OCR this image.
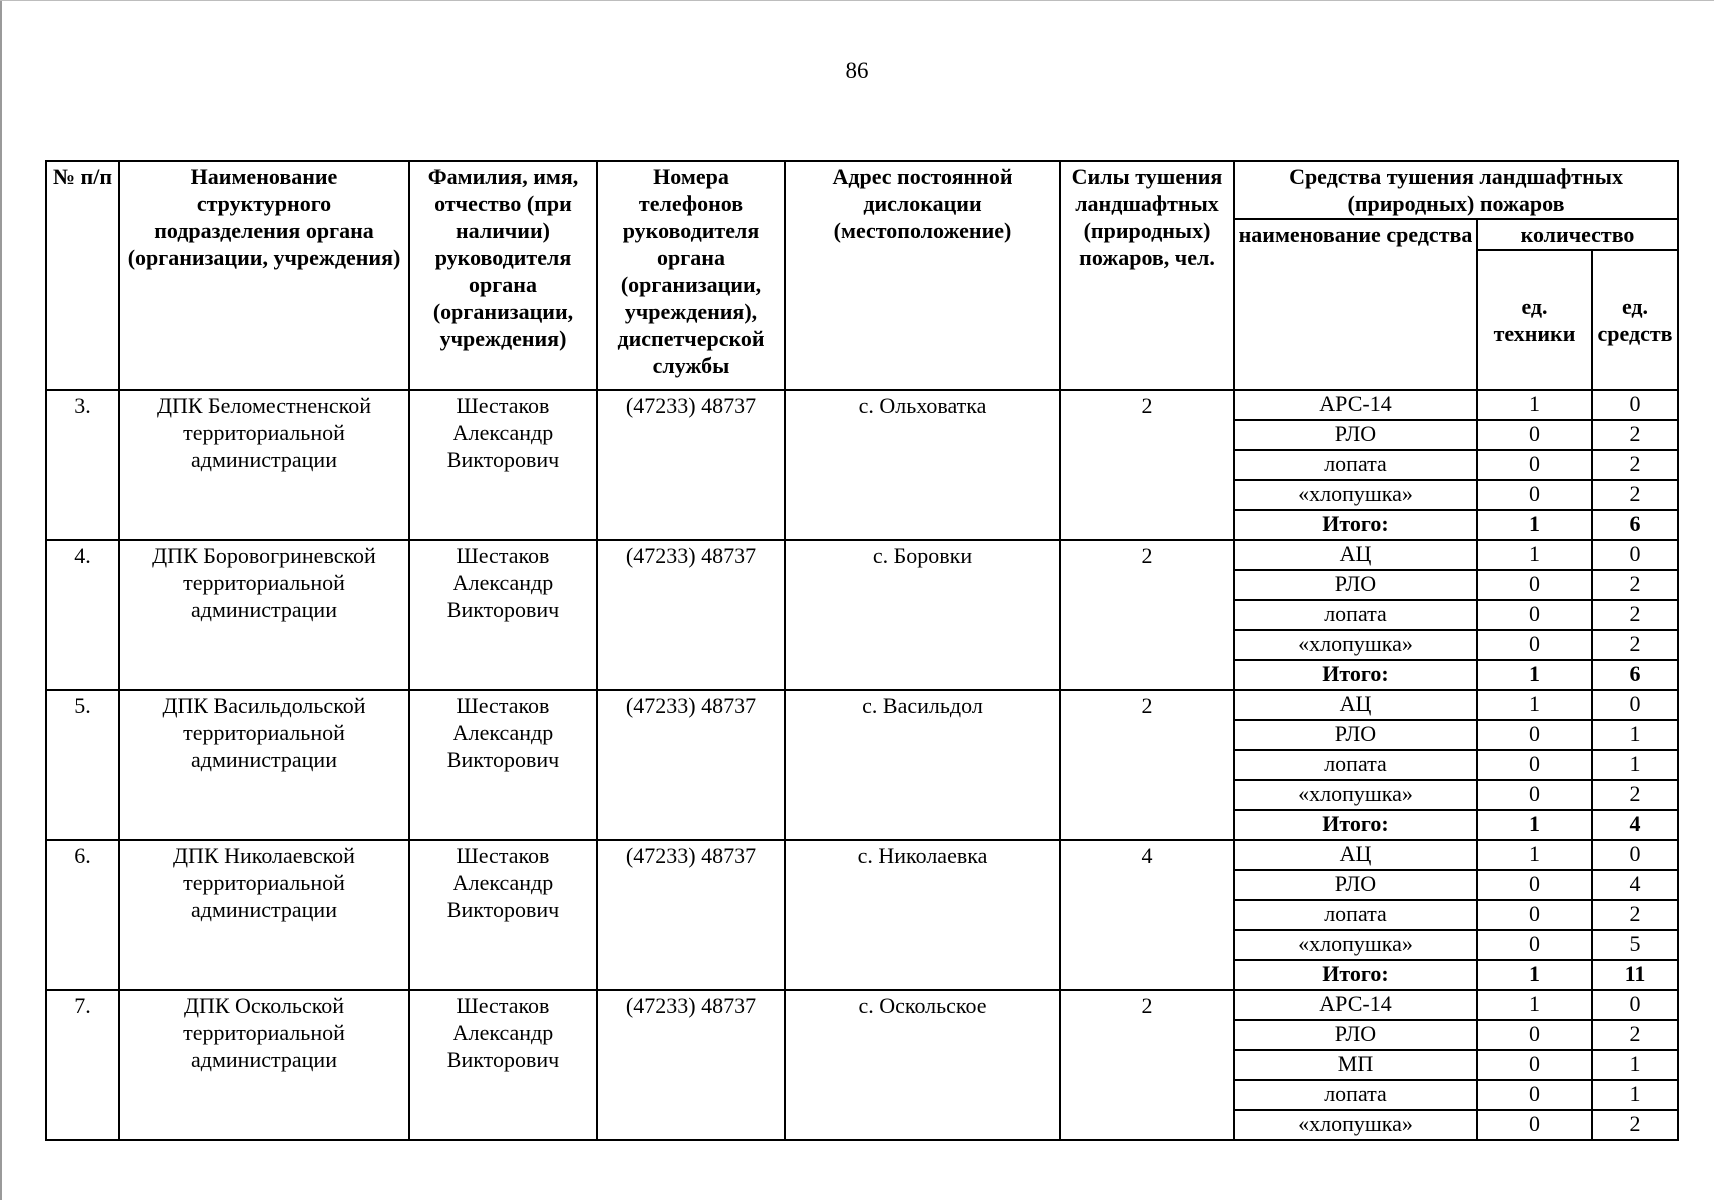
86
№ п/п	Наименование структурного подразделения органа (организации, учреждения)	Фамилия, имя, отчество (при наличии) руководителя органа (организации, учреждения)	Номера телефонов руководителя органа (организации, учреждения), диспетчерской службы	Адрес постоянной дислокации (местоположение)	Силы тушения ландшафтных (природных) пожаров, чел.	Средства тушения ландшафтных (природных) пожаров		
						наименование средства	количество	
							ед. техники	ед. средств
3.	ДПК Беломестненской территориальной администрации	Шестаков Александр Викторович	(47233) 48737	с. Ольховатка	2	АРС-14	1	0
						РЛО	0	2
						лопата	0	2
						«хлопушка»	0	2
						Итого:	1	6
4.	ДПК Боровогриневской территориальной администрации	Шестаков Александр Викторович	(47233) 48737	с. Боровки	2	АЦ	1	0
						РЛО	0	2
						лопата	0	2
						«хлопушка»	0	2
						Итого:	1	6
5.	ДПК Васильдольской территориальной администрации	Шестаков Александр Викторович	(47233) 48737	с. Васильдол	2	АЦ	1	0
						РЛО	0	1
						лопата	0	1
						«хлопушка»	0	2
						Итого:	1	4
6.	ДПК Николаевской территориальной администрации	Шестаков Александр Викторович	(47233) 48737	с. Николаевка	4	АЦ	1	0
						РЛО	0	4
						лопата	0	2
						«хлопушка»	0	5
						Итого:	1	11
7.	ДПК Оскольской территориальной администрации	Шестаков Александр Викторович	(47233) 48737	с. Оскольское	2	АРС-14	1	0
						РЛО	0	2
						МП	0	1
						лопата	0	1
						«хлопушка»	0	2
